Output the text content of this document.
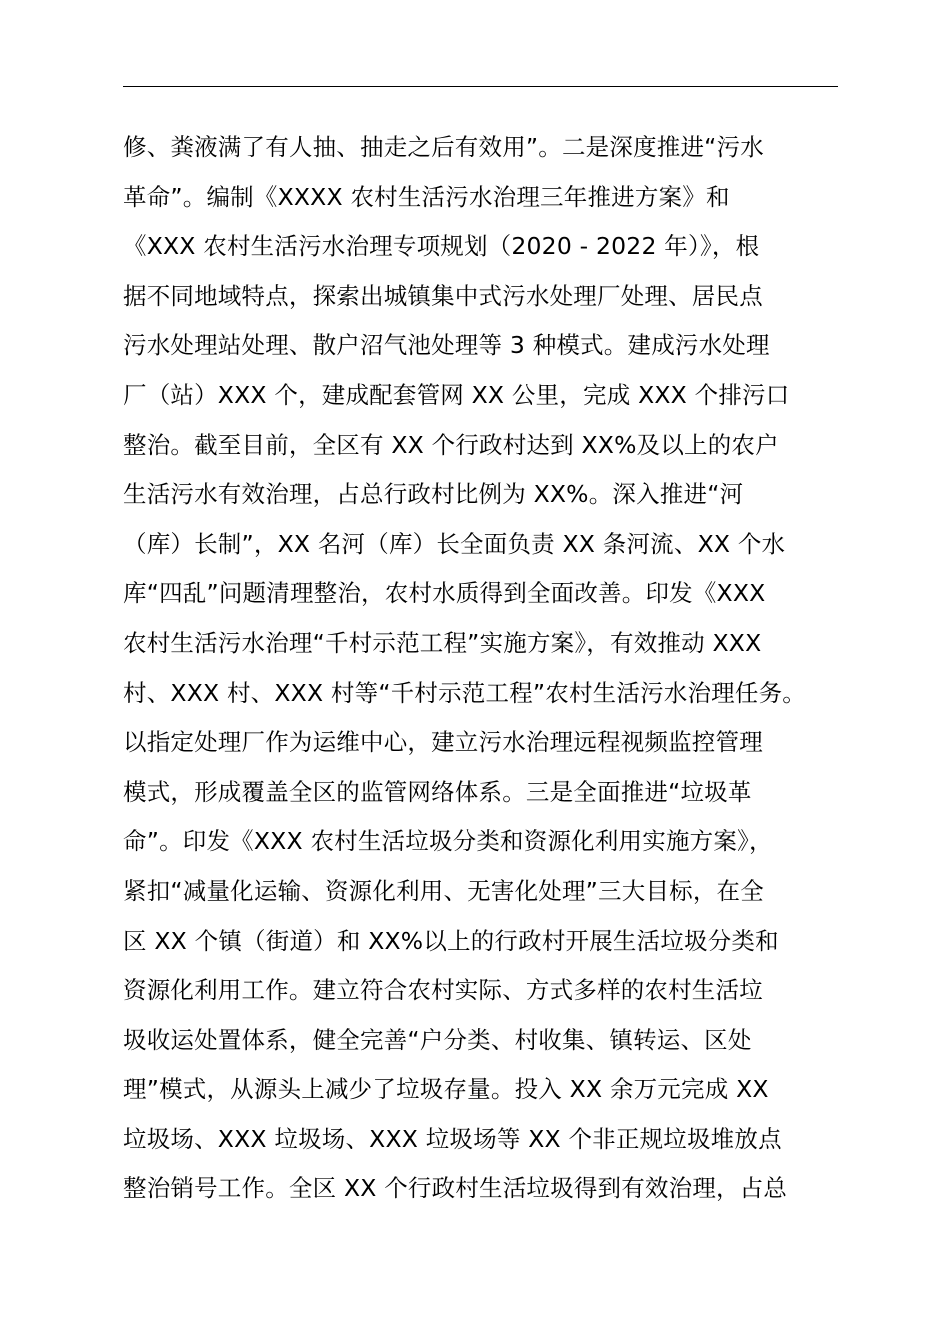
修、粪液满了有人抽、抽走之后有效用”。二是深度推进“污水
革命”。编制《XXXX 农村生活污水治理三年推进方案》和
《XXX 农村生活污水治理专项规划（2020 - 2022 年）》，根
据不同地域特点，探索出城镇集中式污水处理厂处理、居民点
污水处理站处理、散户沼气池处理等 3 种模式。建成污水处理
厂（站）XXX 个，建成配套管网 XX 公里，完成 XXX 个排污口
整治。截至目前，全区有 XX 个行政村达到 XX%及以上的农户
生活污水有效治理，占总行政村比例为 XX%。深入推进“河
（库）长制”，XX 名河（库）长全面负责 XX 条河流、XX 个水
库“四乱”问题清理整治，农村水质得到全面改善。印发《XXX
农村生活污水治理“千村示范工程”实施方案》，有效推动 XXX
村、XXX 村、XXX 村等“千村示范工程”农村生活污水治理任务。
以指定处理厂作为运维中心，建立污水治理远程视频监控管理
模式，形成覆盖全区的监管网络体系。三是全面推进“垃圾革
命”。印发《XXX 农村生活垃圾分类和资源化利用实施方案》，
紧扣“减量化运输、资源化利用、无害化处理”三大目标，在全
区 XX 个镇（街道）和 XX%以上的行政村开展生活垃圾分类和
资源化利用工作。建立符合农村实际、方式多样的农村生活垃
圾收运处置体系，健全完善“户分类、村收集、镇转运、区处
理”模式，从源头上减少了垃圾存量。投入 XX 余万元完成 XX
垃圾场、XXX 垃圾场、XXX 垃圾场等 XX 个非正规垃圾堆放点
整治销号工作。全区 XX 个行政村生活垃圾得到有效治理，占总
